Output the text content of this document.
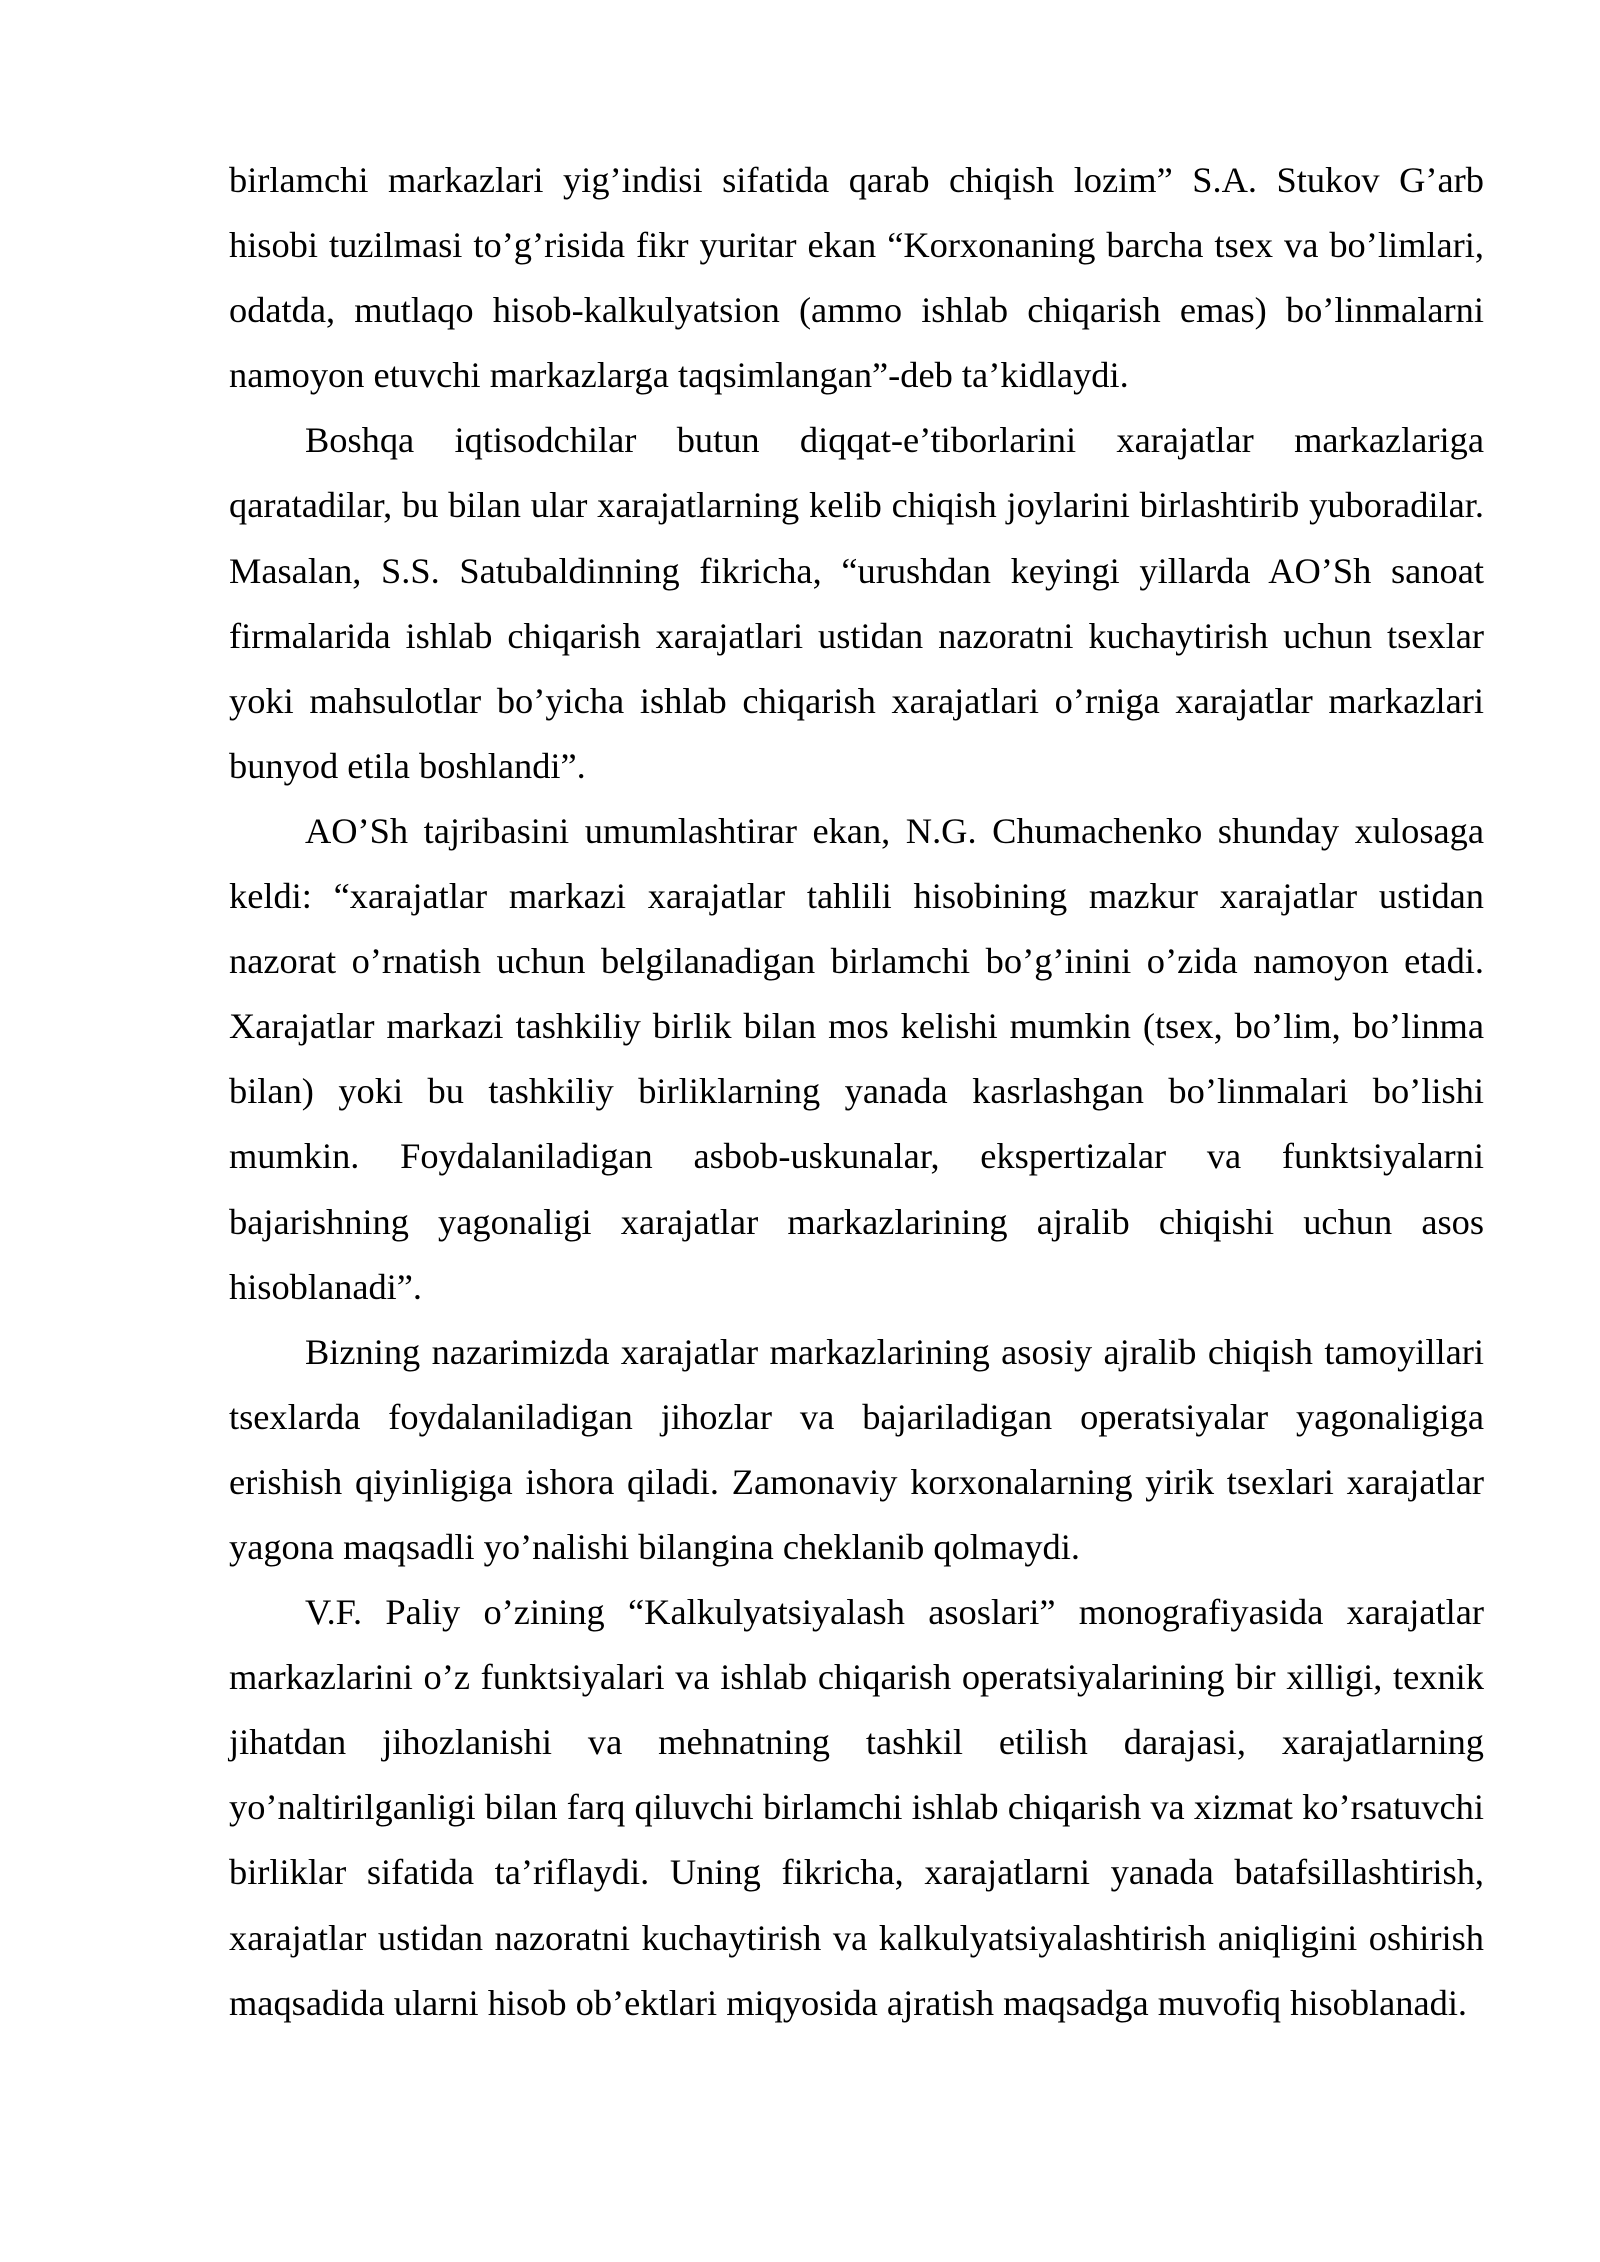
birlamchi markazlari yig’indisi sifatida qarab chiqish lozim” S.A. Stukov G’arb hisobi tuzilmasi to’g’risida fikr yuritar ekan “Korxonaning barcha tsex va bo’limlari, odatda, mutlaqo hisob-kalkulyatsion (ammo ishlab chiqarish emas) bo’linmalarni namoyon etuvchi markazlarga taqsimlangan”-deb ta’kidlaydi.

Boshqa iqtisodchilar butun diqqat-e’tiborlarini xarajatlar markazlariga qaratadilar, bu bilan ular xarajatlarning kelib chiqish joylarini birlashtirib yuboradilar. Masalan, S.S. Satubaldinning fikricha, “urushdan keyingi yillarda AO’Sh sanoat firmalarida ishlab chiqarish xarajatlari ustidan nazoratni kuchaytirish uchun tsexlar yoki mahsulotlar bo’yicha ishlab chiqarish xarajatlari o’rniga xarajatlar markazlari bunyod etila boshlandi”.

AO’Sh tajribasini umumlashtirar ekan, N.G. Chumachenko shunday xulosaga keldi: “xarajatlar markazi xarajatlar tahlili hisobining mazkur xarajatlar ustidan nazorat o’rnatish uchun belgilanadigan birlamchi bo’g’inini o’zida namoyon etadi. Xarajatlar markazi tashkiliy birlik bilan mos kelishi mumkin (tsex, bo’lim, bo’linma bilan) yoki bu tashkiliy birliklarning yanada kasrlashgan bo’linmalari bo’lishi mumkin. Foydalaniladigan asbob-uskunalar, ekspertizalar va funktsiyalarni bajarishning yagonaligi xarajatlar markazlarining ajralib chiqishi uchun asos hisoblanadi”.

Bizning nazarimizda xarajatlar markazlarining asosiy ajralib chiqish tamoyillari tsexlarda foydalaniladigan jihozlar va bajariladigan operatsiyalar yagonaligiga erishish qiyinligiga ishora qiladi. Zamonaviy korxonalarning yirik tsexlari xarajatlar yagona maqsadli yo’nalishi bilangina cheklanib qolmaydi.

V.F. Paliy o’zining “Kalkulyatsiyalash asoslari” monografiyasida xarajatlar markazlarini o’z funktsiyalari va ishlab chiqarish operatsiyalarining bir xilligi, texnik jihatdan jihozlanishi va mehnatning tashkil etilish darajasi, xarajatlarning yo’naltirilganligi bilan farq qiluvchi birlamchi ishlab chiqarish va xizmat ko’rsatuvchi birliklar sifatida ta’riflaydi. Uning fikricha, xarajatlarni yanada batafsillashtirish, xarajatlar ustidan nazoratni kuchaytirish va kalkulyatsiyalashtirish aniqligini oshirish maqsadida ularni hisob ob’ektlari miqyosida ajratish maqsadga muvofiq hisoblanadi.
